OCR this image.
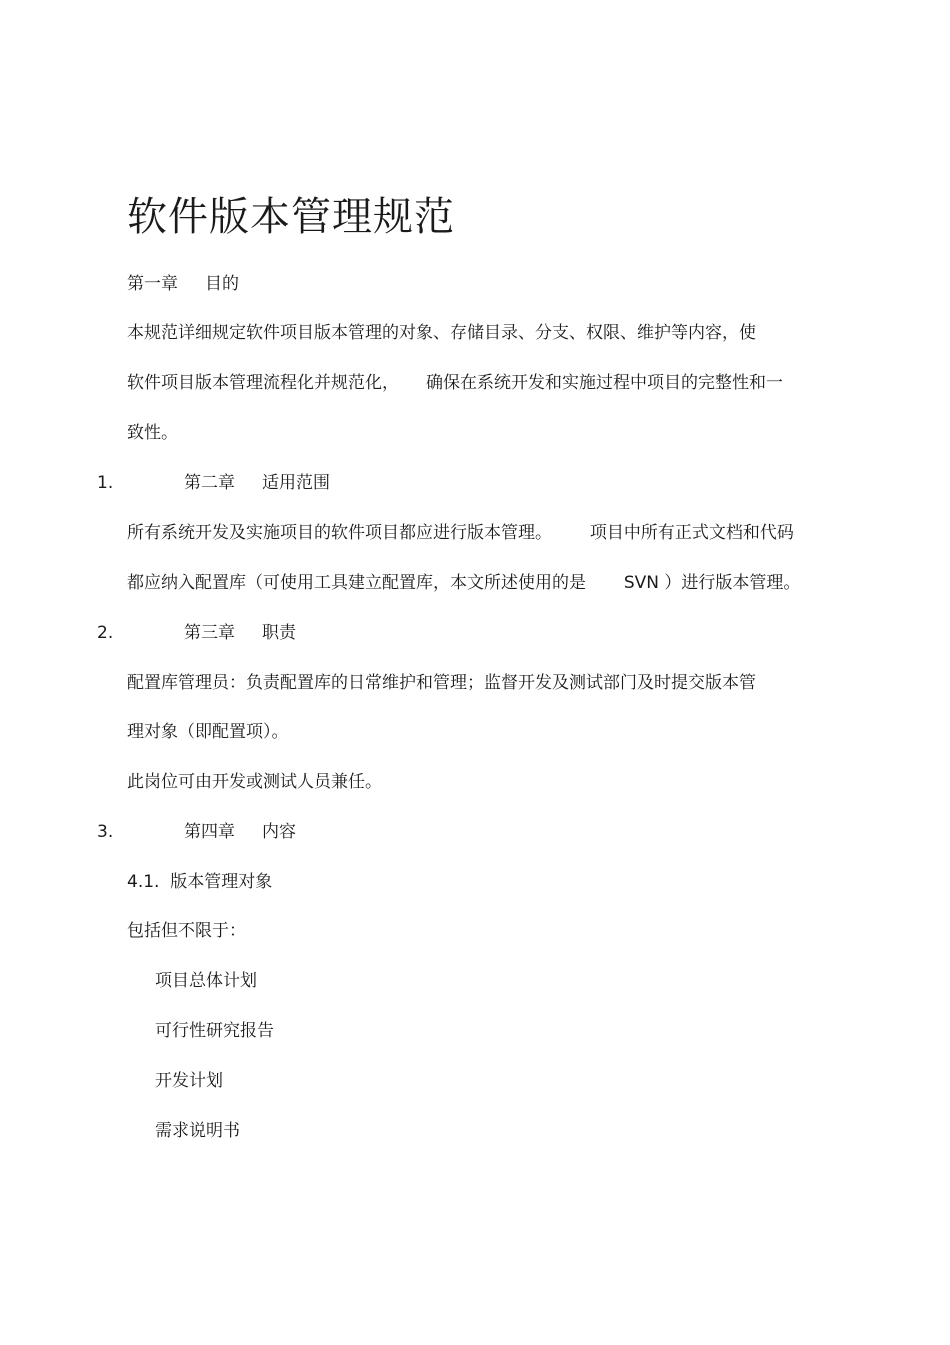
软件版本管理规范
第一章     目的
本规范详细规定软件项目版本管理的对象、存储目录、分支、权限、维护等内容，使
软件项目版本管理流程化并规范化，     确保在系统开发和实施过程中项目的完整性和一
致性。
1.	第二章     适用范围
所有系统开发及实施项目的软件项目都应进行版本管理。       项目中所有正式文档和代码
都应纳入配置库（可使用工具建立配置库，本文所述使用的是       SVN ）进行版本管理。
2.	第三章     职责
配置库管理员：负责配置库的日常维护和管理；监督开发及测试部门及时提交版本管
理对象（即配置项）。
此岗位可由开发或测试人员兼任。
3.	第四章     内容
4.1.  版本管理对象
包括但不限于：
项目总体计划
可行性研究报告
开发计划
需求说明书
